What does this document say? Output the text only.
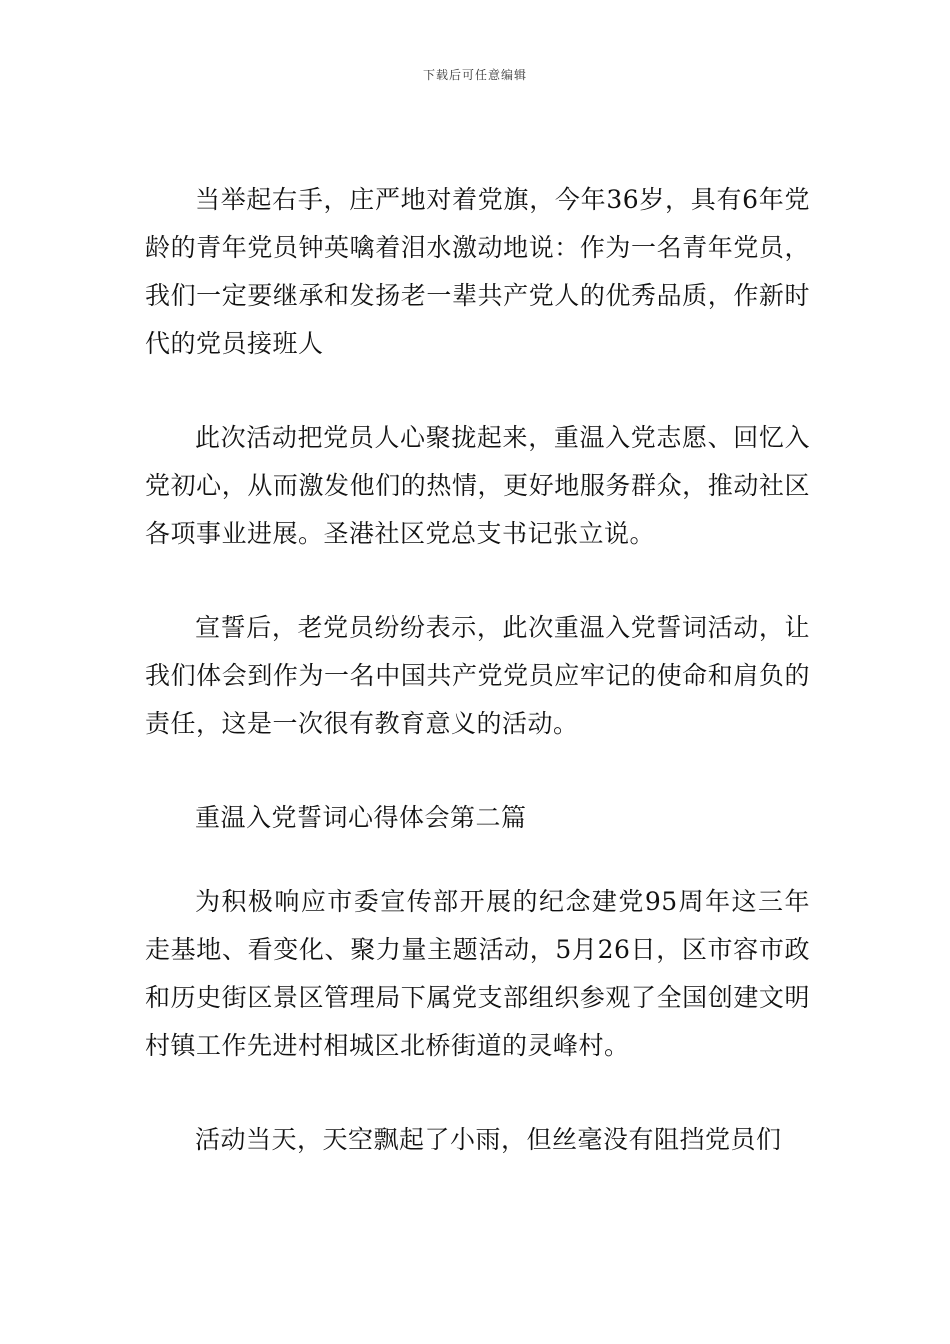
下载后可任意编辑

当举起右手，庄严地对着党旗，今年36岁，具有6年党龄的青年党员钟英噙着泪水激动地说：作为一名青年党员，我们一定要继承和发扬老一辈共产党人的优秀品质，作新时代的党员接班人

此次活动把党员人心聚拢起来，重温入党志愿、回忆入党初心，从而激发他们的热情，更好地服务群众，推动社区各项事业进展。圣港社区党总支书记张立说。

宣誓后，老党员纷纷表示，此次重温入党誓词活动，让我们体会到作为一名中国共产党党员应牢记的使命和肩负的责任，这是一次很有教育意义的活动。

重温入党誓词心得体会第二篇

为积极响应市委宣传部开展的纪念建党95周年这三年走基地、看变化、聚力量主题活动，5月26日，区市容市政和历史街区景区管理局下属党支部组织参观了全国创建文明村镇工作先进村相城区北桥街道的灵峰村。

活动当天，天空飘起了小雨，但丝毫没有阻挡党员们
